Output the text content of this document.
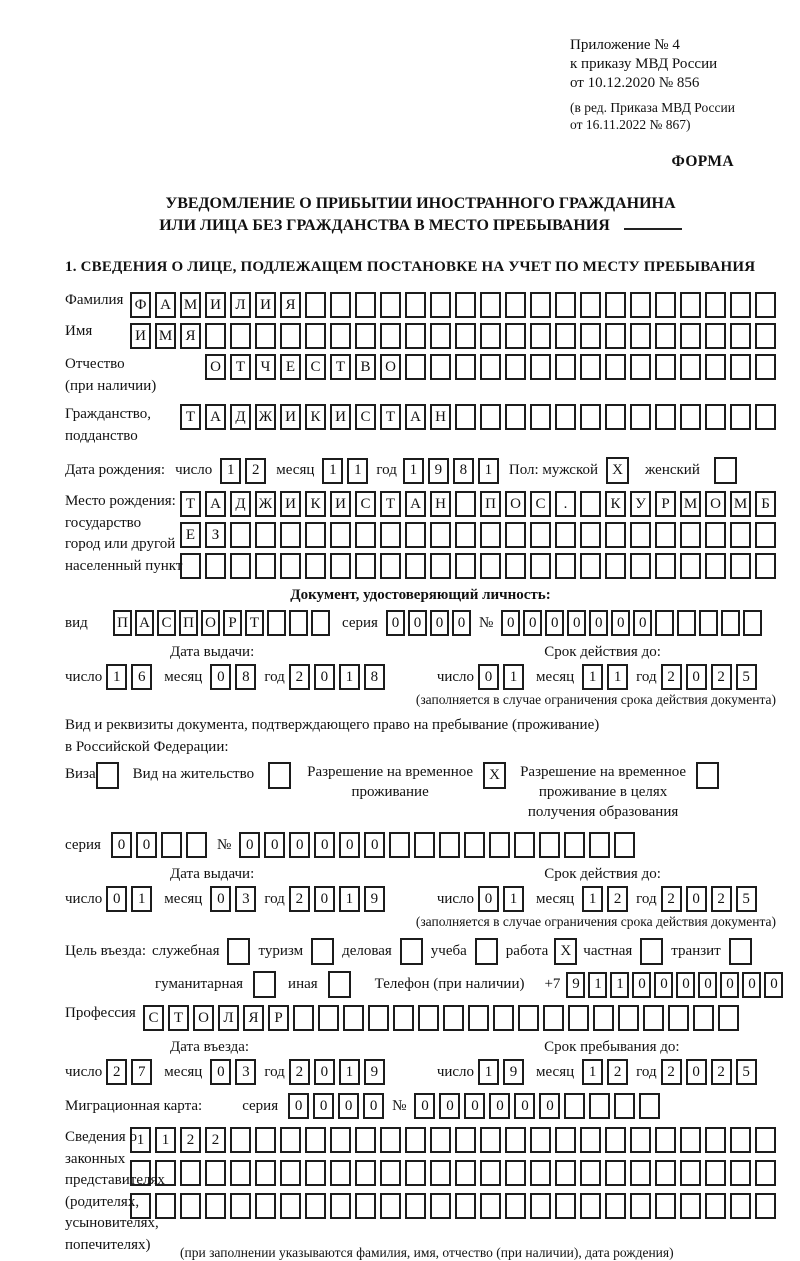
Приложение № 4
к приказу МВД России
от 10.12.2020 № 856
(в ред. Приказа МВД России
от 16.11.2022 № 867)
ФОРМА
УВЕДОМЛЕНИЕ О ПРИБЫТИИ ИНОСТРАННОГО ГРАЖДАНИНА
ИЛИ ЛИЦА БЕЗ ГРАЖДАНСТВА В МЕСТО ПРЕБЫВАНИЯ
1. СВЕДЕНИЯ О ЛИЦЕ, ПОДЛЕЖАЩЕМ ПОСТАНОВКЕ НА УЧЕТ ПО МЕСТУ ПРЕБЫВАНИЯ
Фамилия Ф А М И Л И Я
Имя	И М Я
Отчество
(при наличии)
О Т	Ч	Е	С	Т	В О
Гражданство,
подданство
Т	А Д Ж И К И С	Т	А Н
Дата рождения: число 1	2	месяц 1	1 год 1	9	8	1	Пол: мужской X	женский
Место рождения:
государство
город или другой
населенный пункт
Т	А Д Ж И К И С	Т	А Н	П О С	.	К У	Р М О М Б
Е	З
Документ, удостоверяющий личность:
вид	П А С П О Р Т	серия 0 0 0 0 № 0 0 0 0 0 0 0
Дата выдачи:	Срок действия до:
число 1	6	месяц 0	8 год 2	0	1	8	число 0	1	месяц 1	1 год 2	0	2	5
(заполняется в случае ограничения срока действия документа)
Вид и реквизиты документа, подтверждающего право на пребывание (проживание)
в Российской Федерации:
Виза Вид на жительство	Разрешение на временное
проживание
X	Разрешение на временное
проживание в целях
получения образования
серия	0	0	№ 0	0	0	0	0	0
Дата выдачи:	Срок действия до:
число 0	1	месяц 0	3 год 2	0	1	9	число 0	1	месяц 1	2 год 2	0	2	5
(заполняется в случае ограничения срока действия документа)
Цель въезда: служебная	туризм	деловая	учеба	работа X частная	транзит
гуманитарная	иная	Телефон (при наличии) +7 9 1 1 0 0 0 0 0 0 0
Профессия С	Т	О Л Я	Р
Дата въезда:	Срок пребывания до:
число 2	7	месяц 0	3 год 2	0	1	9	число 1	9	месяц 1	2 год 2	0	2	5
Миграционная карта:	серия	0	0	0	0 № 0	0	0	0	0	0
Сведения о
законных
представителях
(родителях,
усыновителях,
попечителях)
1	1	2	2
(при заполнении указываются фамилия, имя, отчество (при наличии), дата рождения)
